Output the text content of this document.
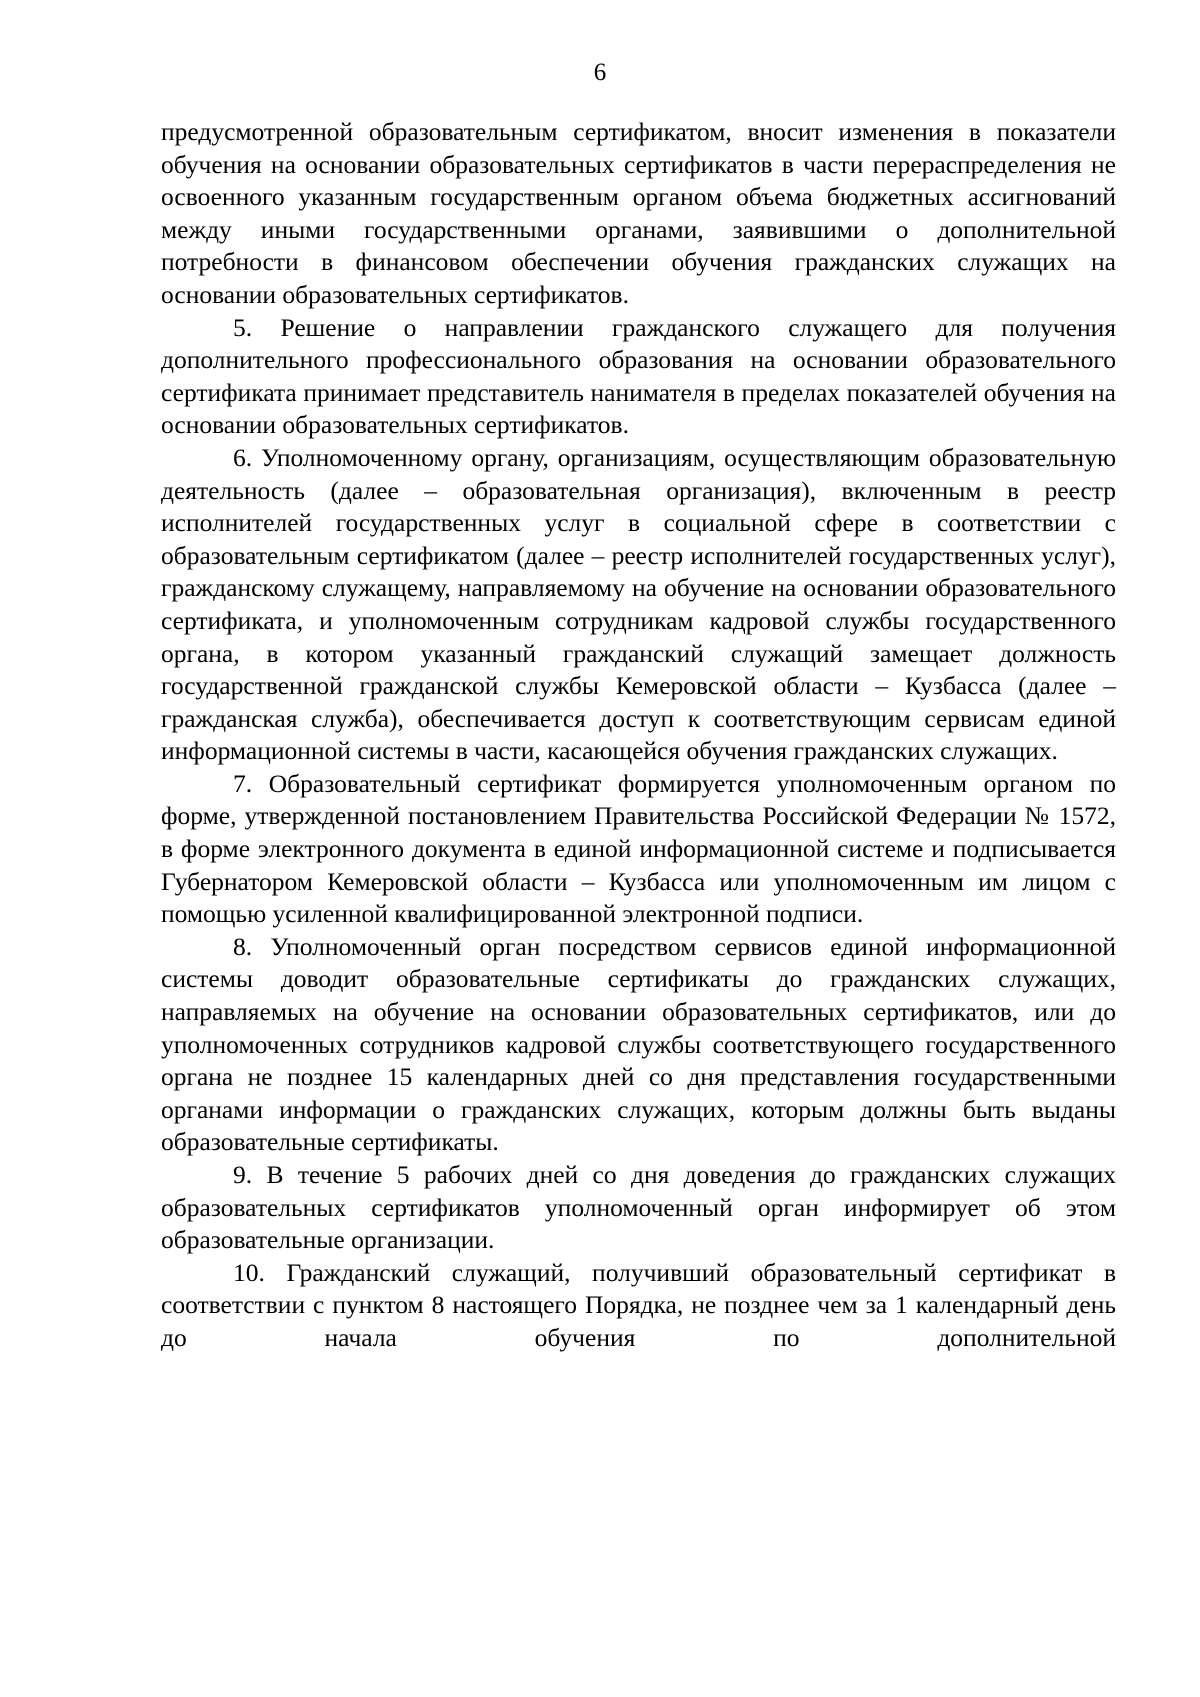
6

предусмотренной образовательным сертификатом, вносит изменения в показатели обучения на основании образовательных сертификатов в части перераспределения не освоенного указанным государственным органом объема бюджетных ассигнований между иными государственными органами, заявившими о дополнительной потребности в финансовом обеспечении обучения гражданских служащих на основании образовательных сертификатов.

5. Решение о направлении гражданского служащего для получения дополнительного профессионального образования на основании образовательного сертификата принимает представитель нанимателя в пределах показателей обучения на основании образовательных сертификатов.

6. Уполномоченному органу, организациям, осуществляющим образовательную деятельность (далее – образовательная организация), включенным в реестр исполнителей государственных услуг в социальной сфере в соответствии с образовательным сертификатом (далее – реестр исполнителей государственных услуг), гражданскому служащему, направляемому на обучение на основании образовательного сертификата, и уполномоченным сотрудникам кадровой службы государственного органа, в котором указанный гражданский служащий замещает должность государственной гражданской службы Кемеровской области – Кузбасса (далее – гражданская служба), обеспечивается доступ к соответствующим сервисам единой информационной системы в части, касающейся обучения гражданских служащих.

7. Образовательный сертификат формируется уполномоченным органом по форме, утвержденной постановлением Правительства Российской Федерации № 1572, в форме электронного документа в единой информационной системе и подписывается Губернатором Кемеровской области – Кузбасса или уполномоченным им лицом с помощью усиленной квалифицированной электронной подписи.

8. Уполномоченный орган посредством сервисов единой информационной системы доводит образовательные сертификаты до гражданских служащих, направляемых на обучение на основании образовательных сертификатов, или до уполномоченных сотрудников кадровой службы соответствующего государственного органа не позднее 15 календарных дней со дня представления государственными органами информации о гражданских служащих, которым должны быть выданы образовательные сертификаты.

9. В течение 5 рабочих дней со дня доведения до гражданских служащих образовательных сертификатов уполномоченный орган информирует об этом образовательные организации.

10. Гражданский служащий, получивший образовательный сертификат в соответствии с пунктом 8 настоящего Порядка, не позднее чем за 1 календарный день до начала обучения по дополнительной
